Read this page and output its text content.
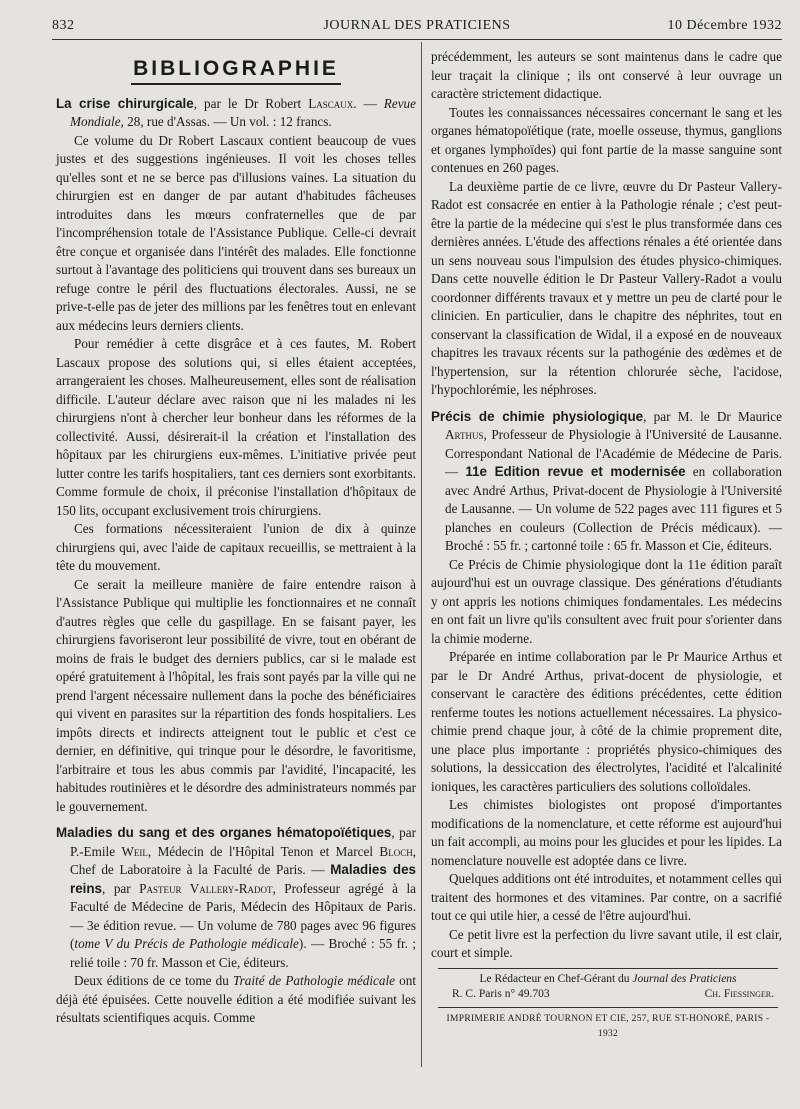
832	JOURNAL DES PRATICIENS	10 Décembre 1932
BIBLIOGRAPHIE

La crise chirurgicale, par le Dr Robert Lascaux. — Revue Mondiale, 28, rue d'Assas. — Un vol. : 12 francs.

Ce volume du Dr Robert Lascaux contient beaucoup de vues justes et des suggestions ingénieuses. Il voit les choses telles qu'elles sont et ne se berce pas d'illusions vaines. La situation du chirurgien est en danger de par autant d'habitudes fâcheuses introduites dans les mœurs confraternelles que de par l'incompréhension totale de l'Assistance Publique. Celle-ci devrait être conçue et organisée dans l'intérêt des malades. Elle fonctionne surtout à l'avantage des politiciens qui trouvent dans ses bureaux un refuge contre le péril des fluctuations électorales. Aussi, ne se prive-t-elle pas de jeter des millions par les fenêtres tout en enlevant aux médecins leurs derniers clients.

Pour remédier à cette disgrâce et à ces fautes, M. Robert Lascaux propose des solutions qui, si elles étaient acceptées, arrangeraient les choses. Malheureusement, elles sont de réalisation difficile. L'auteur déclare avec raison que ni les malades ni les chirurgiens n'ont à chercher leur bonheur dans les réformes de la collectivité. Aussi, désirerait-il la création et l'installation des hôpitaux par les chirurgiens eux-mêmes. L'initiative privée peut lutter contre les tarifs hospitaliers, tant ces derniers sont exorbitants. Comme formule de choix, il préconise l'installation d'hôpitaux de 150 lits, occupant exclusivement trois chirurgiens.

Ces formations nécessiteraient l'union de dix à quinze chirurgiens qui, avec l'aide de capitaux recueillis, se mettraient à la tête du mouvement.

Ce serait la meilleure manière de faire entendre raison à l'Assistance Publique qui multiplie les fonctionnaires et ne connaît d'autres règles que celle du gaspillage. En se faisant payer, les chirurgiens favoriseront leur possibilité de vivre, tout en obérant de moins de frais le budget des derniers publics, car si le malade est opéré gratuitement à l'hôpital, les frais sont payés par la ville qui ne prend l'argent nécessaire nullement dans la poche des bénéficiaires qui vivent en parasites sur la répartition des fonds hospitaliers. Les impôts directs et indirects atteignent tout le public et c'est ce dernier, en définitive, qui trinque pour le désordre, le favoritisme, l'arbitraire et tous les abus commis par l'avidité, l'incapacité, les habitudes routinières et le désordre des administrateurs nommés par le gouvernement.

Maladies du sang et des organes hématopoïétiques, par P.-Emile Weil, Médecin de l'Hôpital Tenon et Marcel Bloch, Chef de Laboratoire à la Faculté de Paris. — Maladies des reins, par Pasteur Vallery-Radot, Professeur agrégé à la Faculté de Médecine de Paris, Médecin des Hôpitaux de Paris. — 3e édition revue. — Un volume de 780 pages avec 96 figures (tome V du Précis de Pathologie médicale). — Broché : 55 fr. ; relié toile : 70 fr. Masson et Cie, éditeurs.

Deux éditions de ce tome du Traité de Pathologie médicale ont déjà été épuisées. Cette nouvelle édition a été modifiée suivant les résultats scientifiques acquis. Comme

précédemment, les auteurs se sont maintenus dans le cadre que leur traçait la clinique ; ils ont conservé à leur ouvrage un caractère strictement didactique.

Toutes les connaissances nécessaires concernant le sang et les organes hématopoïétique (rate, moelle osseuse, thymus, ganglions et organes lymphoïdes) qui font partie de la masse sanguine sont contenues en 260 pages.

La deuxième partie de ce livre, œuvre du Dr Pasteur Vallery-Radot est consacrée en entier à la Pathologie rénale ; c'est peut-être la partie de la médecine qui s'est le plus transformée dans ces dernières années. L'étude des affections rénales a été orientée dans un sens nouveau sous l'impulsion des études physico-chimiques. Dans cette nouvelle édition le Dr Pasteur Vallery-Radot a voulu coordonner différents travaux et y mettre un peu de clarté pour le clinicien. En particulier, dans le chapitre des néphrites, tout en conservant la classification de Widal, il a exposé en de nouveaux chapitres les travaux récents sur la pathogénie des œdèmes et de l'hypertension, sur la rétention chlorurée sèche, l'acidose, l'hypochlorémie, les néphroses.

Précis de chimie physiologique, par M. le Dr Maurice Arthus, Professeur de Physiologie à l'Université de Lausanne. Correspondant National de l'Académie de Médecine de Paris. — 11e Edition revue et modernisée en collaboration avec André Arthus, Privat-docent de Physiologie à l'Université de Lausanne. — Un volume de 522 pages avec 111 figures et 5 planches en couleurs (Collection de Précis médicaux). — Broché : 55 fr. ; cartonné toile : 65 fr. Masson et Cie, éditeurs.

Ce Précis de Chimie physiologique dont la 11e édition paraît aujourd'hui est un ouvrage classique. Des générations d'étudiants y ont appris les notions chimiques fondamentales. Les médecins en ont fait un livre qu'ils consultent avec fruit pour s'orienter dans la chimie moderne.

Préparée en intime collaboration par le Pr Maurice Arthus et par le Dr André Arthus, privat-docent de physiologie, et conservant le caractère des éditions précédentes, cette édition renferme toutes les notions actuellement nécessaires. La physico-chimie prend chaque jour, à côté de la chimie proprement dite, une place plus importante : propriétés physico-chimiques des solutions, la dessiccation des électrolytes, l'acidité et l'alcalinité ioniques, les caractères particuliers des solutions colloïdales.

Les chimistes biologistes ont proposé d'importantes modifications de la nomenclature, et cette réforme est aujourd'hui un fait accompli, au moins pour les glucides et pour les lipides. La nomenclature nouvelle est adoptée dans ce livre.

Quelques additions ont été introduites, et notamment celles qui traitent des hormones et des vitamines. Par contre, on a sacrifié tout ce qui utile hier, a cessé de l'être aujourd'hui.

Ce petit livre est la perfection du livre savant utile, il est clair, court et simple.

Le Rédacteur en Chef-Gérant du Journal des Praticiens
R. C. Paris n° 49.703	Ch. Fiessinger.
IMPRIMERIE ANDRÉ TOURNON ET CIE, 257, RUE ST-HONORÉ, PARIS - 1932
